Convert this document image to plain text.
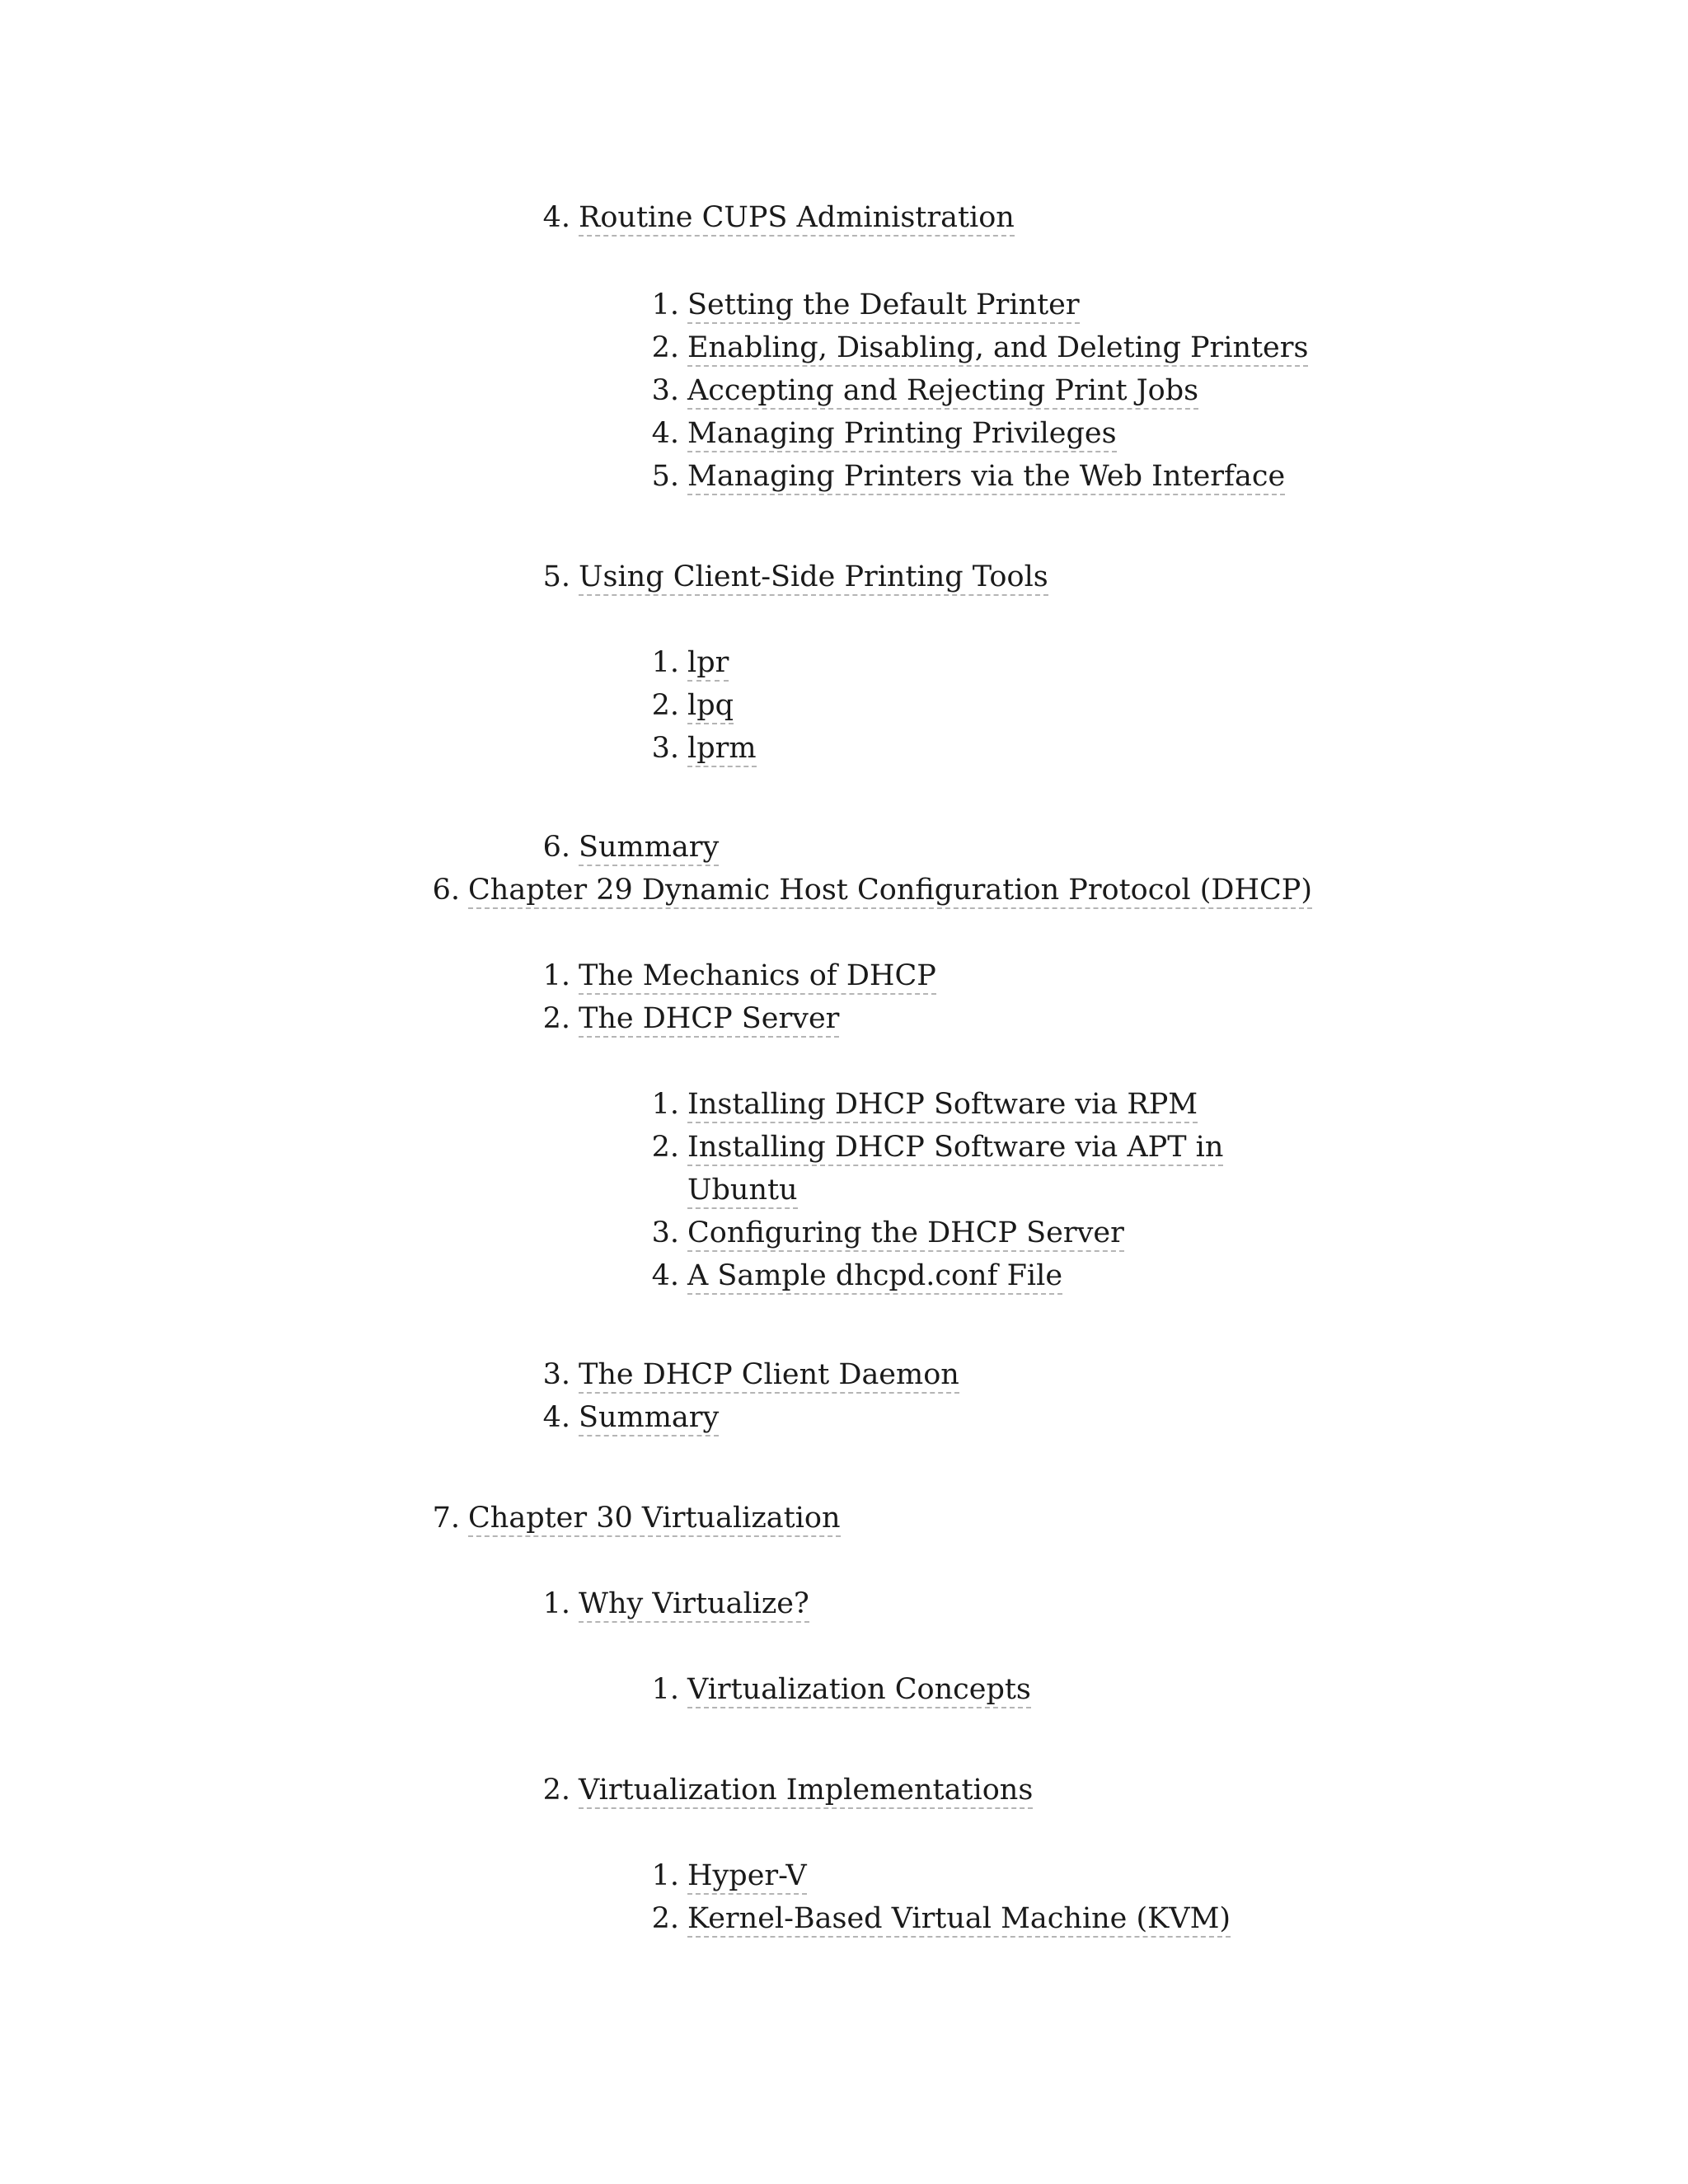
4. Routine CUPS Administration
1. Setting the Default Printer
2. Enabling, Disabling, and Deleting Printers
3. Accepting and Rejecting Print Jobs
4. Managing Printing Privileges
5. Managing Printers via the Web Interface
5. Using Client-Side Printing Tools
1. lpr
2. lpq
3. lprm
6. Summary
6. Chapter 29 Dynamic Host Configuration Protocol (DHCP)
1. The Mechanics of DHCP
2. The DHCP Server
1. Installing DHCP Software via RPM
2. Installing DHCP Software via APT in
Ubuntu
3. Configuring the DHCP Server
4. A Sample dhcpd.conf File
3. The DHCP Client Daemon
4. Summary
7. Chapter 30 Virtualization
1. Why Virtualize?
1. Virtualization Concepts
2. Virtualization Implementations
1. Hyper-V
2. Kernel-Based Virtual Machine (KVM)
